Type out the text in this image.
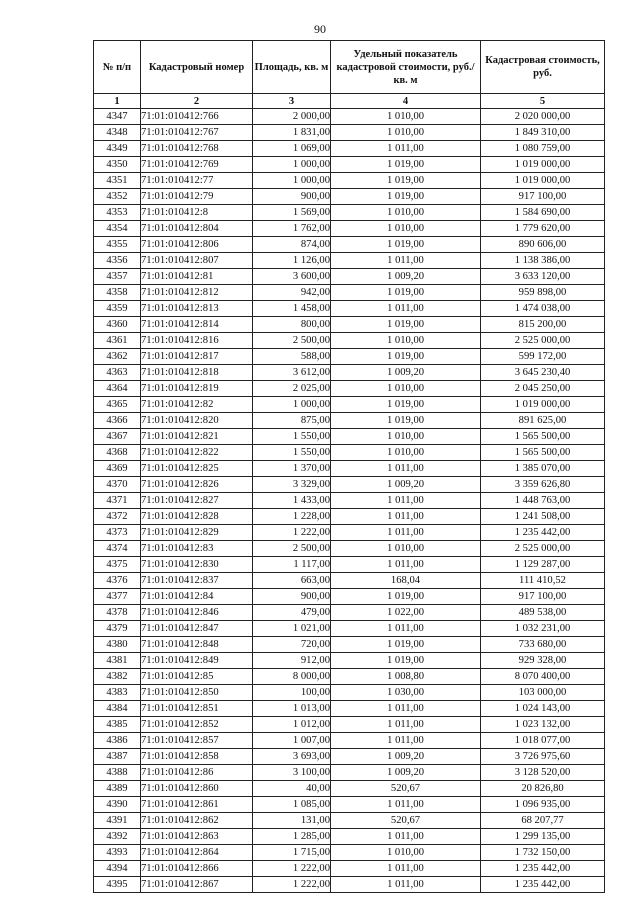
90
№ п/п	Кадастровый номер	Площадь, кв. м	Удельный показатель кадастровой стоимости, руб./кв. м	Кадастровая стоимость, руб.
1	2	3	4	5
4347	71:01:010412:766	2 000,00	1 010,00	2 020 000,00
4348	71:01:010412:767	1 831,00	1 010,00	1 849 310,00
4349	71:01:010412:768	1 069,00	1 011,00	1 080 759,00
4350	71:01:010412:769	1 000,00	1 019,00	1 019 000,00
4351	71:01:010412:77	1 000,00	1 019,00	1 019 000,00
4352	71:01:010412:79	900,00	1 019,00	917 100,00
4353	71:01:010412:8	1 569,00	1 010,00	1 584 690,00
4354	71:01:010412:804	1 762,00	1 010,00	1 779 620,00
4355	71:01:010412:806	874,00	1 019,00	890 606,00
4356	71:01:010412:807	1 126,00	1 011,00	1 138 386,00
4357	71:01:010412:81	3 600,00	1 009,20	3 633 120,00
4358	71:01:010412:812	942,00	1 019,00	959 898,00
4359	71:01:010412:813	1 458,00	1 011,00	1 474 038,00
4360	71:01:010412:814	800,00	1 019,00	815 200,00
4361	71:01:010412:816	2 500,00	1 010,00	2 525 000,00
4362	71:01:010412:817	588,00	1 019,00	599 172,00
4363	71:01:010412:818	3 612,00	1 009,20	3 645 230,40
4364	71:01:010412:819	2 025,00	1 010,00	2 045 250,00
4365	71:01:010412:82	1 000,00	1 019,00	1 019 000,00
4366	71:01:010412:820	875,00	1 019,00	891 625,00
4367	71:01:010412:821	1 550,00	1 010,00	1 565 500,00
4368	71:01:010412:822	1 550,00	1 010,00	1 565 500,00
4369	71:01:010412:825	1 370,00	1 011,00	1 385 070,00
4370	71:01:010412:826	3 329,00	1 009,20	3 359 626,80
4371	71:01:010412:827	1 433,00	1 011,00	1 448 763,00
4372	71:01:010412:828	1 228,00	1 011,00	1 241 508,00
4373	71:01:010412:829	1 222,00	1 011,00	1 235 442,00
4374	71:01:010412:83	2 500,00	1 010,00	2 525 000,00
4375	71:01:010412:830	1 117,00	1 011,00	1 129 287,00
4376	71:01:010412:837	663,00	168,04	111 410,52
4377	71:01:010412:84	900,00	1 019,00	917 100,00
4378	71:01:010412:846	479,00	1 022,00	489 538,00
4379	71:01:010412:847	1 021,00	1 011,00	1 032 231,00
4380	71:01:010412:848	720,00	1 019,00	733 680,00
4381	71:01:010412:849	912,00	1 019,00	929 328,00
4382	71:01:010412:85	8 000,00	1 008,80	8 070 400,00
4383	71:01:010412:850	100,00	1 030,00	103 000,00
4384	71:01:010412:851	1 013,00	1 011,00	1 024 143,00
4385	71:01:010412:852	1 012,00	1 011,00	1 023 132,00
4386	71:01:010412:857	1 007,00	1 011,00	1 018 077,00
4387	71:01:010412:858	3 693,00	1 009,20	3 726 975,60
4388	71:01:010412:86	3 100,00	1 009,20	3 128 520,00
4389	71:01:010412:860	40,00	520,67	20 826,80
4390	71:01:010412:861	1 085,00	1 011,00	1 096 935,00
4391	71:01:010412:862	131,00	520,67	68 207,77
4392	71:01:010412:863	1 285,00	1 011,00	1 299 135,00
4393	71:01:010412:864	1 715,00	1 010,00	1 732 150,00
4394	71:01:010412:866	1 222,00	1 011,00	1 235 442,00
4395	71:01:010412:867	1 222,00	1 011,00	1 235 442,00
